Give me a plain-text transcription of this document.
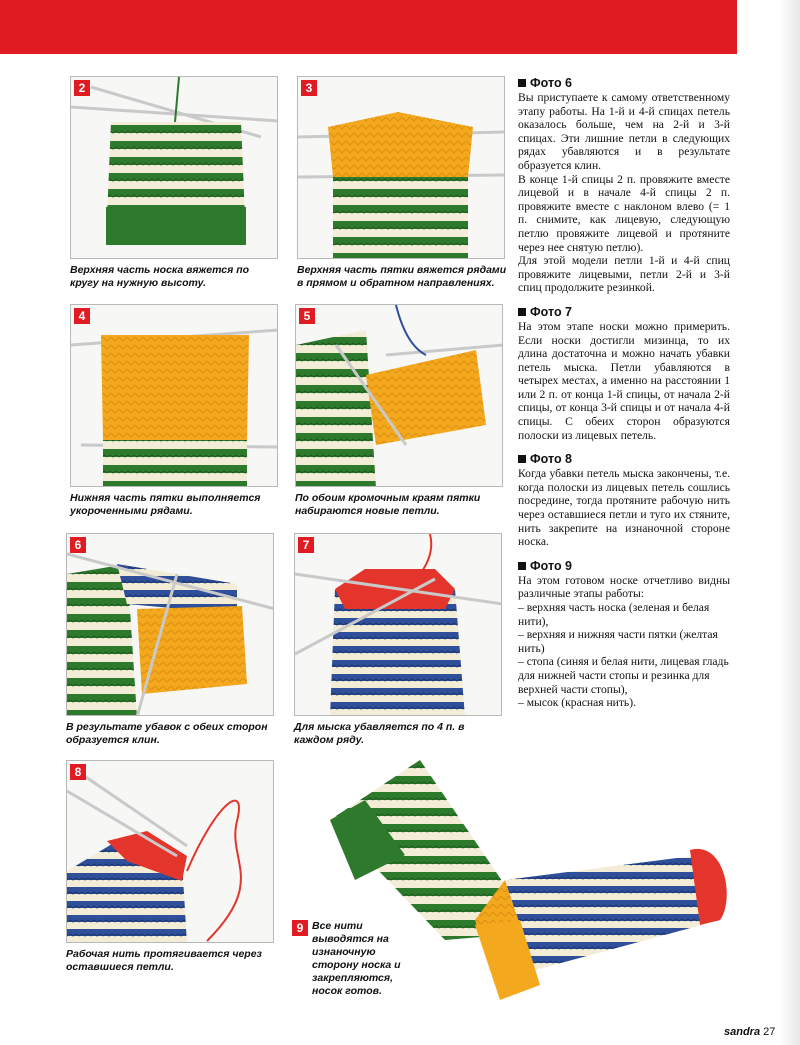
2
Верхняя часть носка вяжется по кругу на нужную высоту.
3
Верхняя часть пятки вяжется рядами в прямом и обратном направлениях.
4
Нижняя часть пятки выполняется укороченными рядами.
5
По обоим кромочным краям пятки набираются новые петли.
6
В результате убавок с обеих сторон образуется клин.
7
Для мыска убавляется по 4 п. в каждом ряду.
8
Рабочая нить протягивается через оставшиеся петли.
9 Все нити выводятся на изнаночную сторону носка и закрепляются, носок готов.
Фото 6

Вы приступаете к самому ответственному этапу работы. На 1-й и 4-й спицах петель оказалось больше, чем на 2-й и 3-й спицах. Эти лишние петли в следующих рядах убавляются и в результате образуется клин.

В конце 1-й спицы 2 п. провяжите вместе лицевой и в начале 4-й спицы 2 п. провяжите вместе с наклоном влево (= 1 п. снимите, как лицевую, следующую петлю провяжите лицевой и протяните через нее снятую петлю).

Для этой модели петли 1-й и 4-й спиц провяжите лицевыми, петли 2-й и 3-й спиц продолжите резинкой.

Фото 7

На этом этапе носки можно примерить. Если носки достигли мизинца, то их длина достаточна и можно начать убавки петель мыска. Петли убавляются в четырех местах, а именно на расстоянии 1 или 2 п. от конца 1-й спицы, от начала 2-й спицы, от конца 3-й спицы и от начала 4-й спицы. С обеих сторон образуются полоски из лицевых петель.

Фото 8

Когда убавки петель мыска закончены, т.е. когда полоски из лицевых петель сошлись посредине, тогда протяните рабочую нить через оставшиеся петли и туго их стяните, нить закрепите на изнаночной стороне носка.

Фото 9

На этом готовом носке отчетливо видны различные этапы работы:

– верхняя часть носка (зеленая и белая нити),

– верхняя и нижняя части пятки (желтая нить)

– стопа (синяя и белая нити, лицевая гладь для нижней части стопы и резинка для верхней части стопы),

– мысок (красная нить).

sandra 27
